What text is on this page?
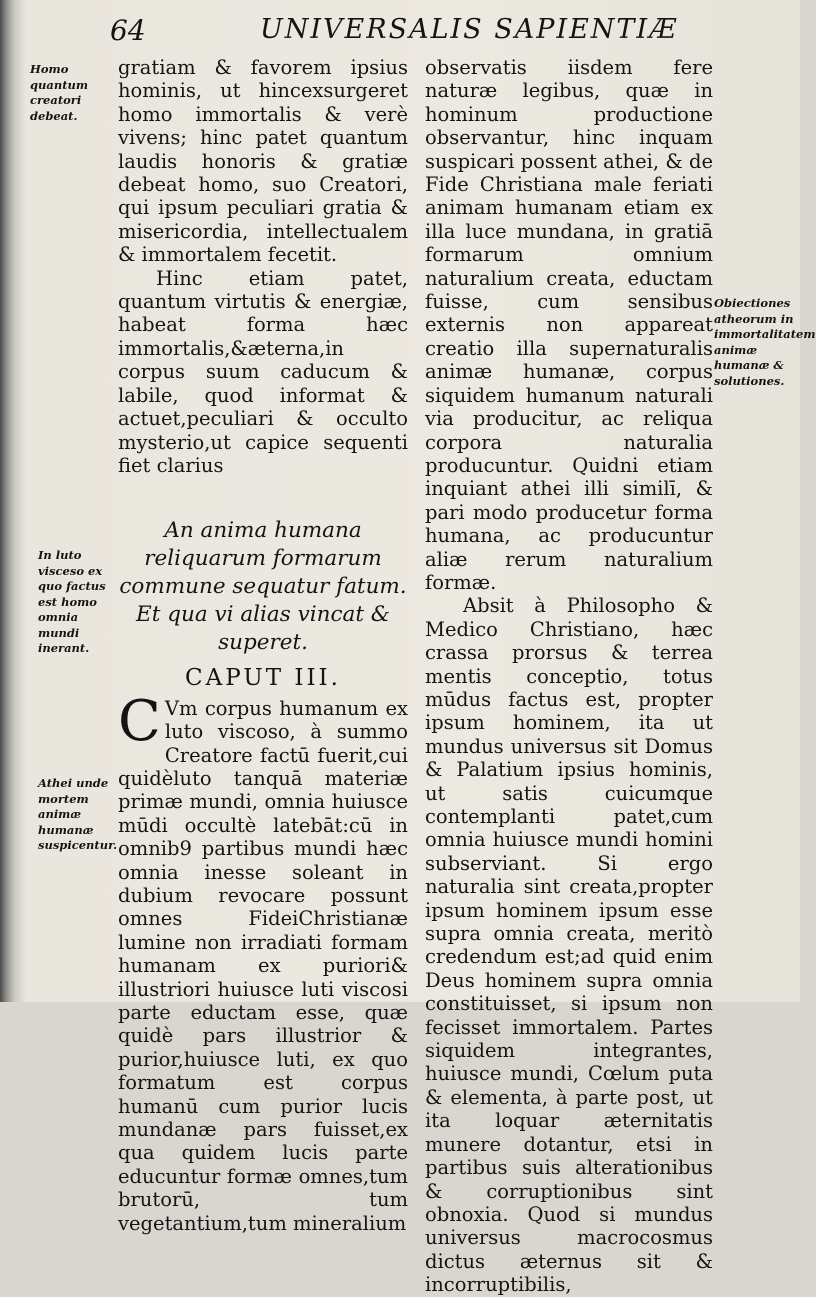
64	UNIVERSALIS SAPIENTIÆ
Homo quantum creatori debeat.
In luto visceso ex quo factus est homo omnia mundi inerant.
Athei unde mortem animæ humanæ suspicentur.
Obiectiones atheorum in immortalitatem animæ humanæ & solutiones.

gratiam & favorem ipsius hominis, ut hincexsurgeret homo immortalis & verè vivens; hinc patet quantum laudis honoris & gratiæ debeat homo, suo Creatori, qui ipsum peculiari gratia & misericordia, intellectualem & immortalem fecetit.

Hinc etiam patet, quantum virtutis & energiæ, habeat forma hæc immortalis,&æterna,in corpus suum caducum & labile, quod informat & actuet,peculiari & occulto mysterio,ut capice sequenti fiet clarius

An anima humana reliquarum formarum commune sequatur fatum. Et qua vi alias vincat & superet.
CAPUT III.

C Vm corpus humanum ex luto viscoso, à summo Creatore factū fuerit,cui quidèluto tanquā materiæ primæ mundi, omnia huiusce mūdi occultè latebāt:cū in omnib9 partibus mundi hæc omnia inesse soleant in dubium revocare possunt omnes FideiChristianæ lumine non irradiati formam humanam ex puriori& illustriori huiusce luti viscosi parte eductam esse, quæ quidè pars illustrior & purior,huiusce luti, ex quo formatum est corpus humanū cum purior lucis mundanæ pars fuisset,ex qua quidem lucis parte educuntur formæ omnes,tum brutorū, tum vegetantium,tum mineralium

observatis iisdem fere naturæ legibus, quæ in hominum productione observantur, hinc inquam suspicari possent athei, & de Fide Christiana male feriati animam humanam etiam ex illa luce mundana, in gratiā formarum omnium naturalium creata, eductam fuisse, cum sensibus externis non appareat creatio illa supernaturalis animæ humanæ, corpus siquidem humanum naturali via producitur, ac reliqua corpora naturalia producuntur. Quidni etiam inquiant athei illi similī, & pari modo producetur forma humana, ac producuntur aliæ rerum naturalium formæ.

Absit à Philosopho & Medico Christiano, hæc crassa prorsus & terrea mentis conceptio, totus mūdus factus est, propter ipsum hominem, ita ut mundus universus sit Domus & Palatium ipsius hominis, ut satis cuicumque contemplanti patet,cum omnia huiusce mundi homini subserviant. Si ergo naturalia sint creata,propter ipsum hominem ipsum esse supra omnia creata, meritò credendum est;ad quid enim Deus hominem supra omnia constituisset, si ipsum non fecisset immortalem. Partes siquidem integrantes, huiusce mundi, Cœlum puta & elementa, à parte post, ut ita loquar æternitatis munere dotantur, etsi in partibus suis alterationibus & corruptionibus sint obnoxia. Quod si mundus universus macrocosmus dictus æternus sit & incorruptibilis,
